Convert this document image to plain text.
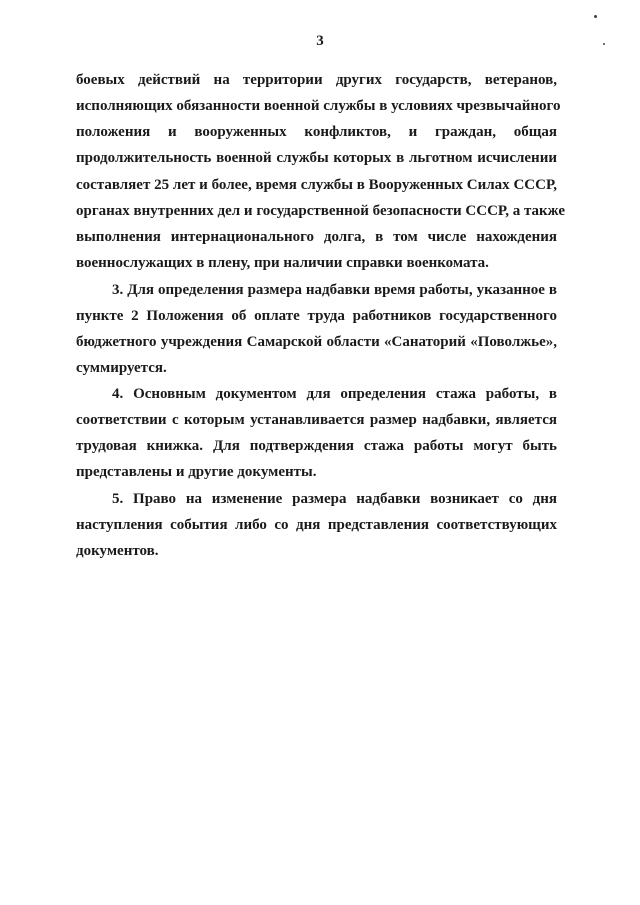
3
боевых действий на территории других государств, ветеранов,
исполняющих обязанности военной службы в условиях чрезвычайного
положения и вооруженных конфликтов, и граждан, общая
продолжительность военной службы которых в льготном исчислении
составляет 25 лет и более, время службы в Вооруженных Силах СССР,
органах внутренних дел и государственной безопасности СССР, а также
выполнения интернационального долга, в том числе нахождения
военнослужащих в плену, при наличии справки военкомата.
3. Для определения размера надбавки время работы, указанное в
пункте 2 Положения об оплате труда работников государственного
бюджетного учреждения Самарской области «Санаторий «Поволжье»,
суммируется.
4. Основным документом для определения стажа работы, в
соответствии с которым устанавливается размер надбавки, является
трудовая книжка. Для подтверждения стажа работы могут быть
представлены и другие документы.
5. Право на изменение размера надбавки возникает со дня
наступления события либо со дня представления соответствующих
документов.
